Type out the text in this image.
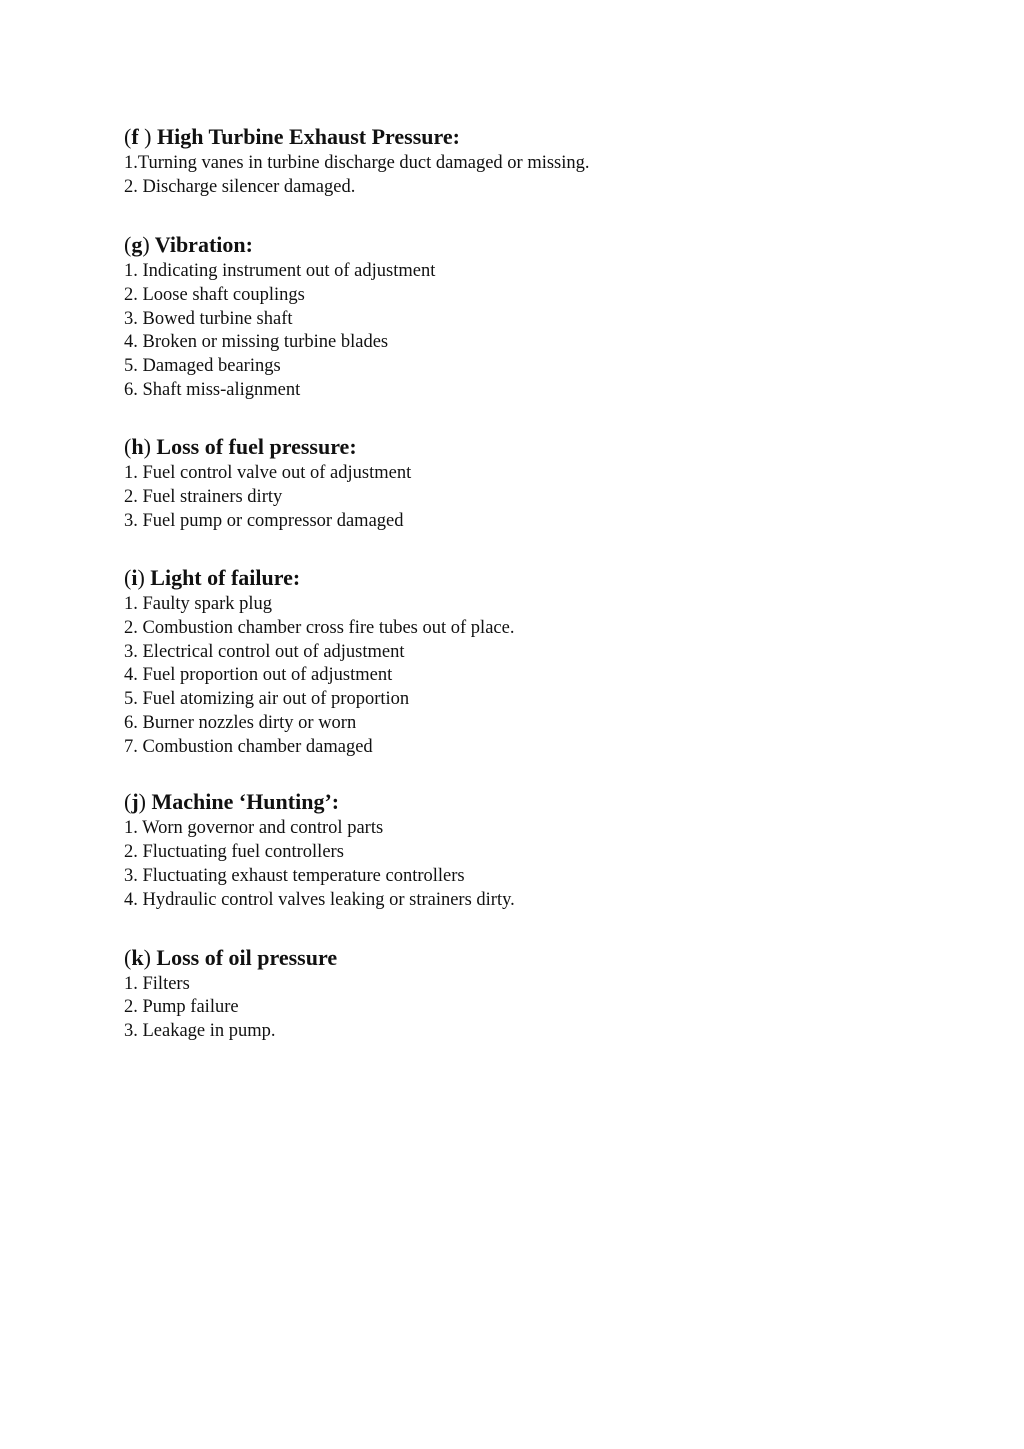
(f ) High Turbine Exhaust Pressure:
1.Turning vanes in turbine discharge duct damaged or missing.
2. Discharge silencer damaged.
(g) Vibration:
1. Indicating instrument out of adjustment
2. Loose shaft couplings
3. Bowed turbine shaft
4. Broken or missing turbine blades
5. Damaged bearings
6. Shaft miss-alignment
(h) Loss of fuel pressure:
1. Fuel control valve out of adjustment
2. Fuel strainers dirty
3. Fuel pump or compressor damaged
(i) Light of failure:
1. Faulty spark plug
2. Combustion chamber cross fire tubes out of place.
3. Electrical control out of adjustment
4. Fuel proportion out of adjustment
5. Fuel atomizing air out of proportion
6. Burner nozzles dirty or worn
7. Combustion chamber damaged
(j) Machine ‘Hunting’:
1. Worn governor and control parts
2. Fluctuating fuel controllers
3. Fluctuating exhaust temperature controllers
4. Hydraulic control valves leaking or strainers dirty.
(k) Loss of oil pressure
1. Filters
2. Pump failure
3. Leakage in pump.
